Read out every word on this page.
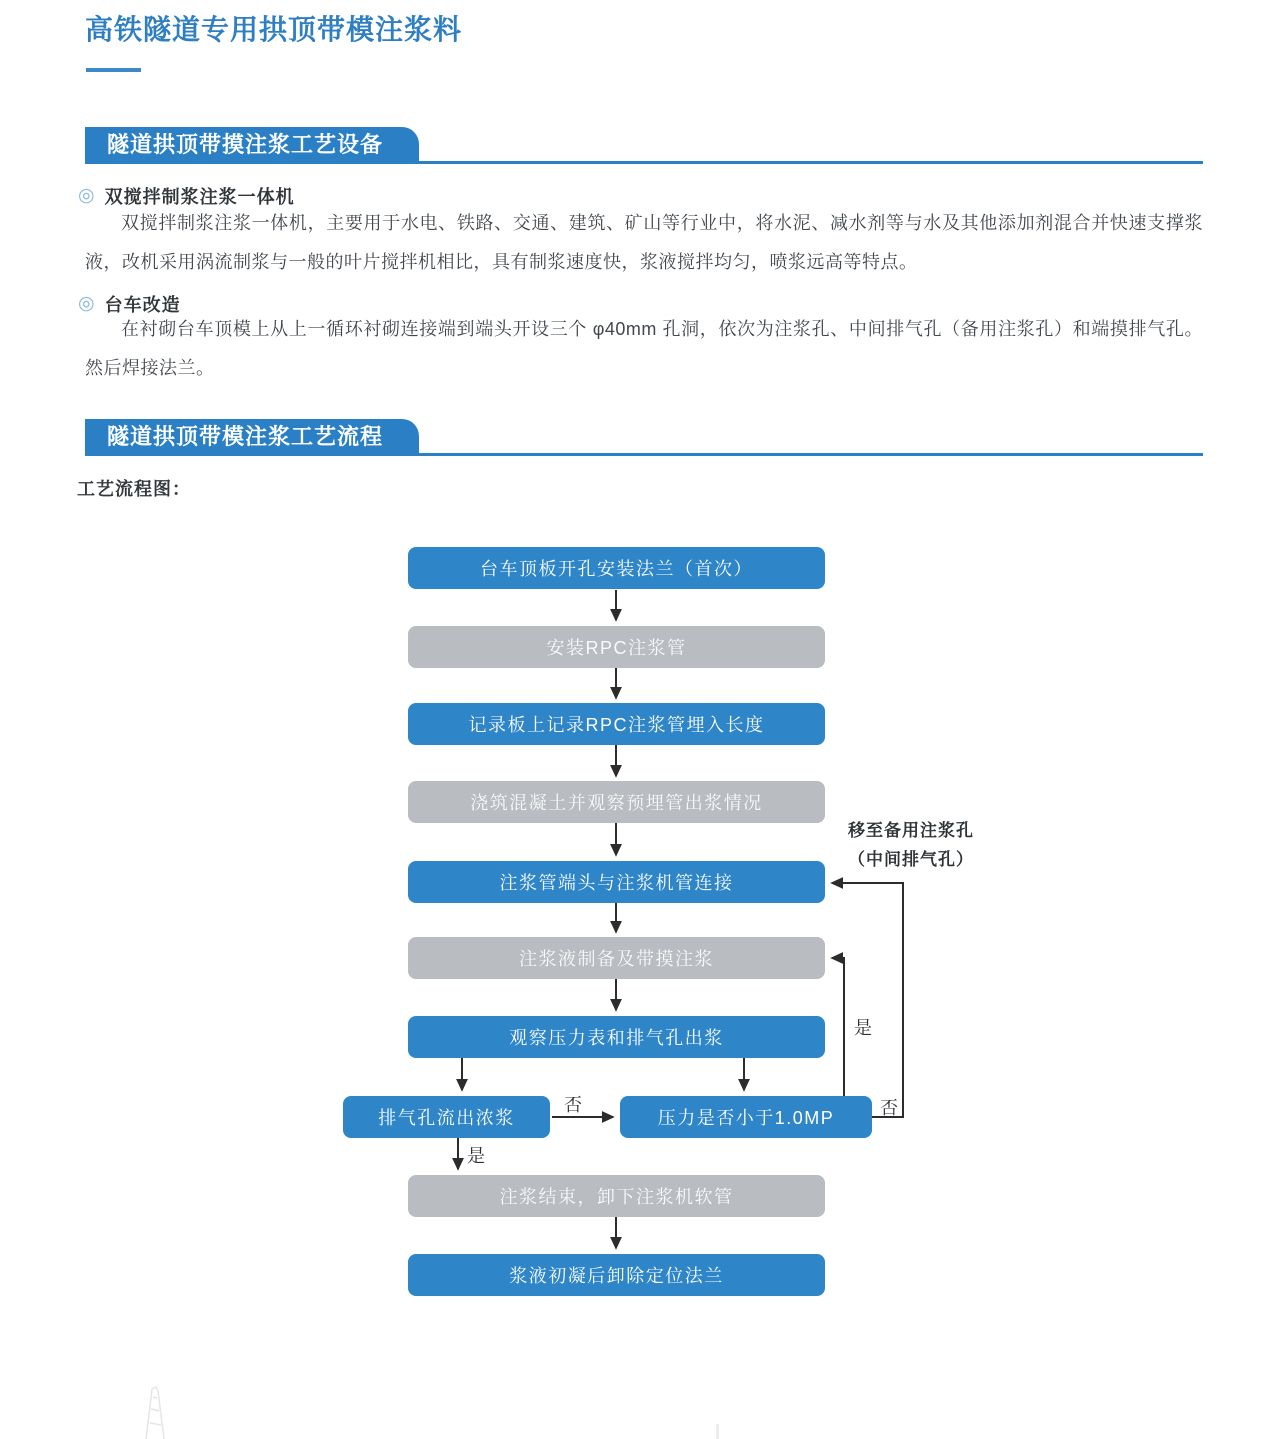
高铁隧道专用拱顶带模注浆料
隧道拱顶带摸注浆工艺设备
◎ 双搅拌制浆注浆一体机

双搅拌制浆注浆一体机，主要用于水电、铁路、交通、建筑、矿山等行业中，将水泥、减水剂等与水及其他添加剂混合并快速支撑浆液，改机采用涡流制浆与一般的叶片搅拌机相比，具有制浆速度快，浆液搅拌均匀，喷浆远高等特点。

◎ 台车改造

在衬砌台车顶模上从上一循环衬砌连接端到端头开设三个 φ40mm 孔洞，依次为注浆孔、中间排气孔（备用注浆孔）和端摸排气孔。然后焊接法兰。

隧道拱顶带模注浆工艺流程
工艺流程图：
台车顶板开孔安装法兰（首次）
安装RPC注浆管
记录板上记录RPC注浆管埋入长度
浇筑混凝土并观察预埋管出浆情况
注浆管端头与注浆机管连接
注浆液制备及带摸注浆
观察压力表和排气孔出浆
排气孔流出浓浆	压力是否小于1.0MP
注浆结束，卸下注浆机软管
浆液初凝后卸除定位法兰
否
是
是
否
移至备用注浆孔
（中间排气孔）
